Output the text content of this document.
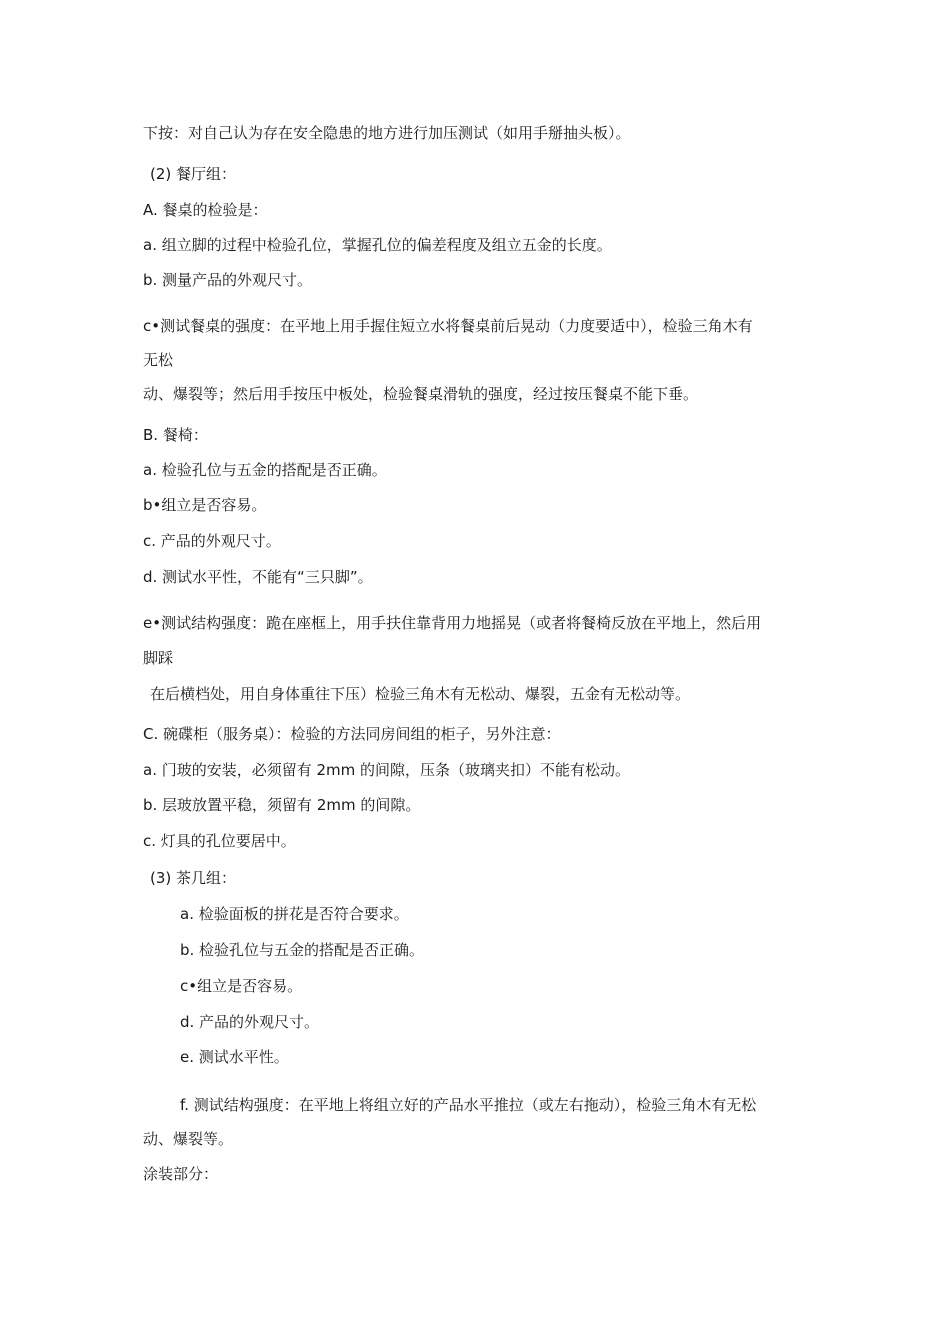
下按：对自己认为存在安全隐患的地方进行加压测试（如用手掰抽头板）。
(2) 餐厅组：
A. 餐桌的检验是：
a. 组立脚的过程中检验孔位，掌握孔位的偏差程度及组立五金的长度。
b. 测量产品的外观尺寸。
c•测试餐桌的强度：在平地上用手握住短立水将餐桌前后晃动（力度要适中），检验三角木有
无松
动、爆裂等；然后用手按压中板处，检验餐桌滑轨的强度，经过按压餐桌不能下垂。
B. 餐椅：
a. 检验孔位与五金的搭配是否正确。
b•组立是否容易。
c. 产品的外观尺寸。
d. 测试水平性，不能有“三只脚”。
e•测试结构强度：跪在座框上，用手扶住靠背用力地摇晃（或者将餐椅反放在平地上，然后用
脚踩
在后横档处，用自身体重往下压）检验三角木有无松动、爆裂，五金有无松动等。
C. 碗碟柜（服务桌）：检验的方法同房间组的柜子，另外注意：
a. 门玻的安装，必须留有 2mm 的间隙，压条（玻璃夹扣）不能有松动。
b. 层玻放置平稳，须留有 2mm 的间隙。
c. 灯具的孔位要居中。
(3) 茶几组：
a. 检验面板的拼花是否符合要求。
b. 检验孔位与五金的搭配是否正确。
c•组立是否容易。
d. 产品的外观尺寸。
e. 测试水平性。
f. 测试结构强度：在平地上将组立好的产品水平推拉（或左右拖动），检验三角木有无松
动、爆裂等。
涂装部分：
